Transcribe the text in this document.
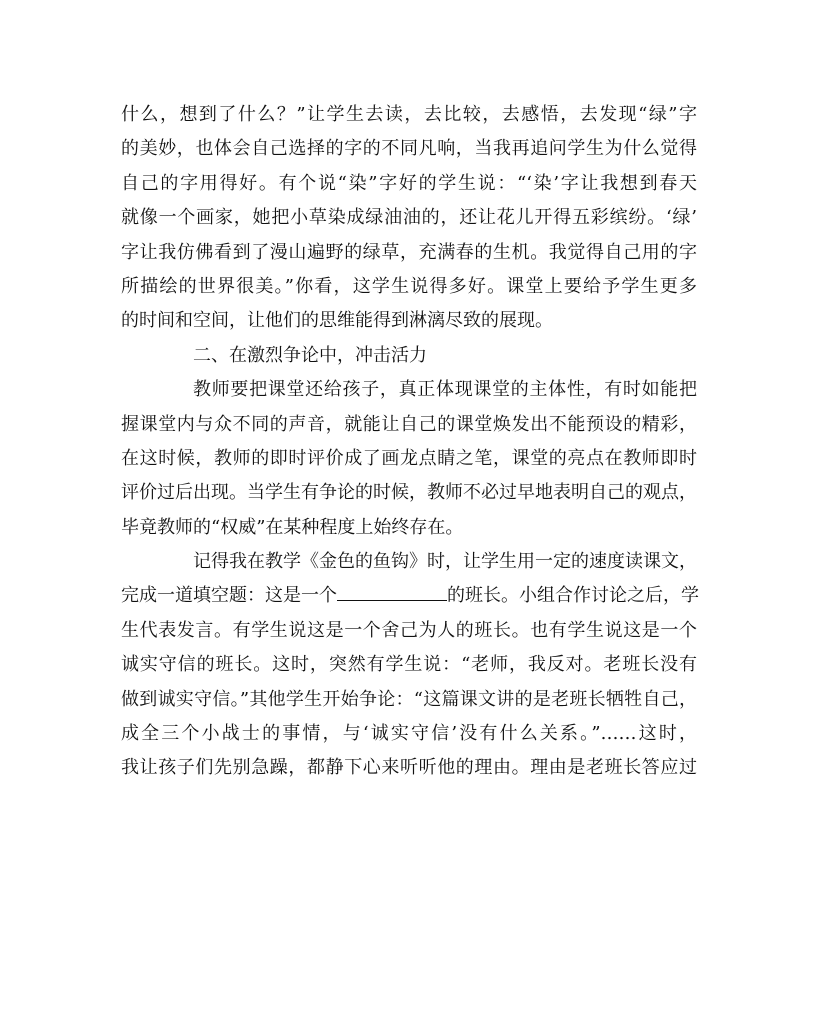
什么，想到了什么？”让学生去读，去比较，去感悟，去发现“绿”字
的美妙，也体会自己选择的字的不同凡响，当我再追问学生为什么觉得
自己的字用得好。有个说“染”字好的学生说：“‘染’字让我想到春天
就像一个画家，她把小草染成绿油油的，还让花儿开得五彩缤纷。‘绿’
字让我仿佛看到了漫山遍野的绿草，充满春的生机。我觉得自己用的字
所描绘的世界很美。”你看，这学生说得多好。课堂上要给予学生更多
的时间和空间，让他们的思维能得到淋漓尽致的展现。
二、在激烈争论中，冲击活力
教师要把课堂还给孩子，真正体现课堂的主体性，有时如能把
握课堂内与众不同的声音，就能让自己的课堂焕发出不能预设的精彩，
在这时候，教师的即时评价成了画龙点睛之笔，课堂的亮点在教师即时
评价过后出现。当学生有争论的时候，教师不必过早地表明自己的观点，
毕竟教师的“权威”在某种程度上始终存在。
记得我在教学《金色的鱼钩》时，让学生用一定的速度读课文，
完成一道填空题：这是一个	的班长。小组合作讨论之后，学
生代表发言。有学生说这是一个舍己为人的班长。也有学生说这是一个
诚实守信的班长。这时，突然有学生说：“老师，我反对。老班长没有
做到诚实守信。”其他学生开始争论：“这篇课文讲的是老班长牺牲自己，
成全三个小战士的事情，与‘诚实守信’没有什么关系。”……这时，
我让孩子们先别急躁，都静下心来听听他的理由。理由是老班长答应过
